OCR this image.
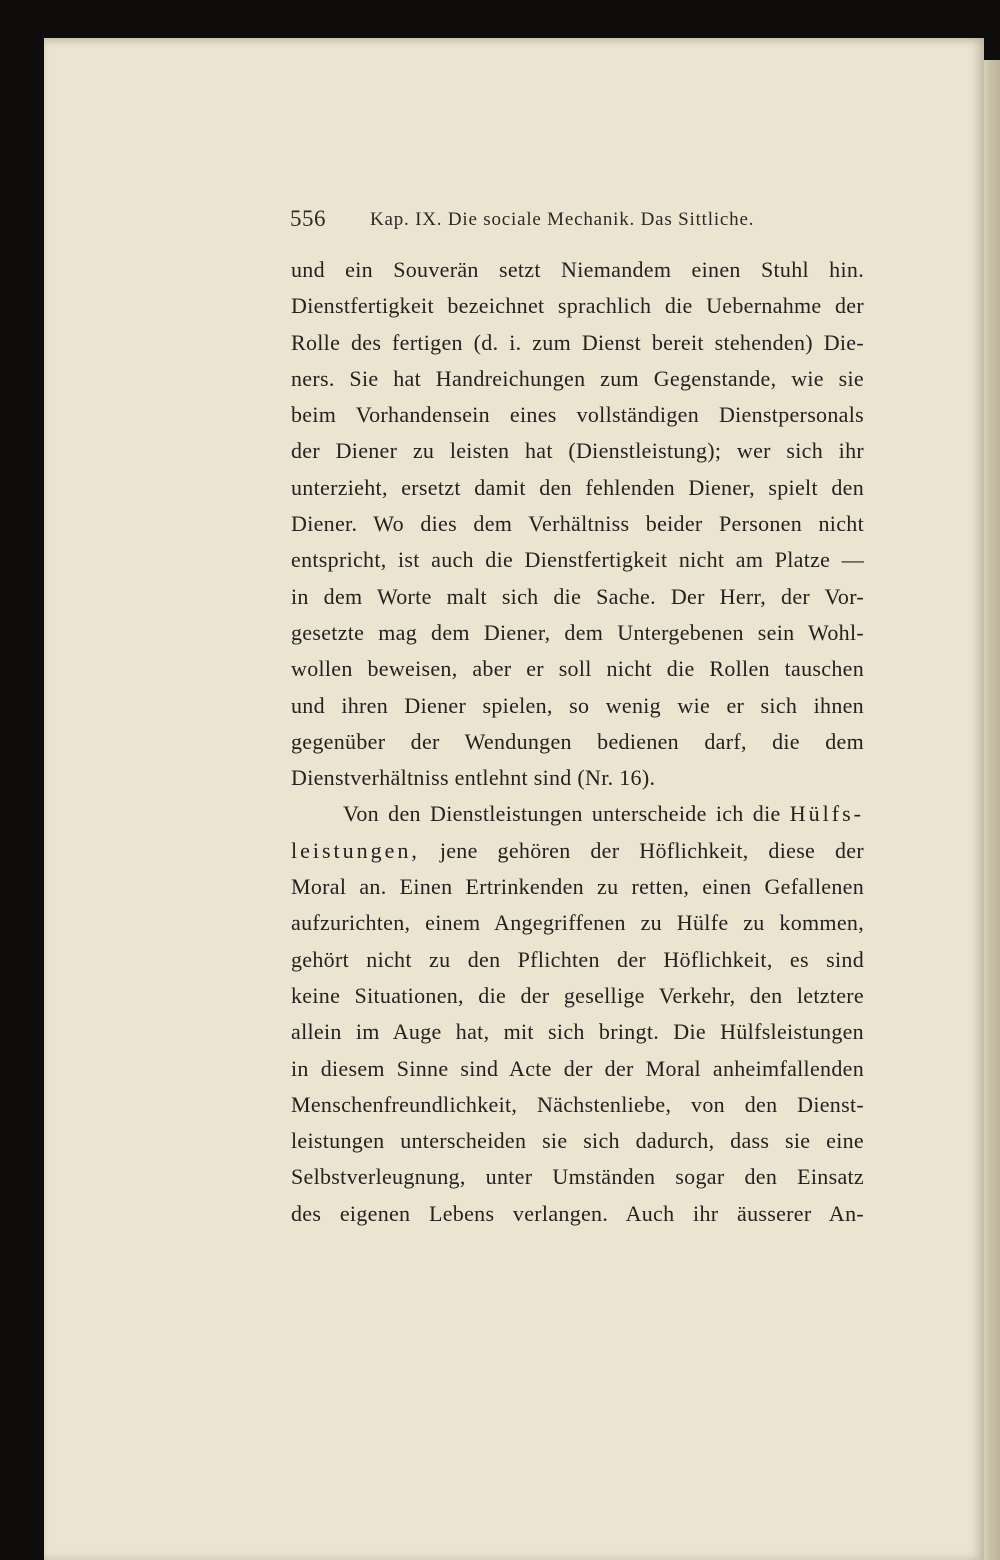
556 Kap. IX. Die sociale Mechanik. Das Sittliche.
und ein Souverän setzt Niemandem einen Stuhl hin.
Dienstfertigkeit bezeichnet sprachlich die Uebernahme der
Rolle des fertigen (d. i. zum Dienst bereit stehenden) Die-
ners. Sie hat Handreichungen zum Gegenstande, wie sie
beim Vorhandensein eines vollständigen Dienstpersonals
der Diener zu leisten hat (Dienstleistung); wer sich ihr
unterzieht, ersetzt damit den fehlenden Diener, spielt den
Diener. Wo dies dem Verhältniss beider Personen nicht
entspricht, ist auch die Dienstfertigkeit nicht am Platze —
in dem Worte malt sich die Sache. Der Herr, der Vor-
gesetzte mag dem Diener, dem Untergebenen sein Wohl-
wollen beweisen, aber er soll nicht die Rollen tauschen
und ihren Diener spielen, so wenig wie er sich ihnen
gegenüber der Wendungen bedienen darf, die dem
Dienstverhältniss entlehnt sind (Nr. 16).
Von den Dienstleistungen unterscheide ich die Hülfs-
leistungen, jene gehören der Höflichkeit, diese der
Moral an. Einen Ertrinkenden zu retten, einen Gefallenen
aufzurichten, einem Angegriffenen zu Hülfe zu kommen,
gehört nicht zu den Pflichten der Höflichkeit, es sind
keine Situationen, die der gesellige Verkehr, den letztere
allein im Auge hat, mit sich bringt. Die Hülfsleistungen
in diesem Sinne sind Acte der der Moral anheimfallenden
Menschenfreundlichkeit, Nächstenliebe, von den Dienst-
leistungen unterscheiden sie sich dadurch, dass sie eine
Selbstverleugnung, unter Umständen sogar den Einsatz
des eigenen Lebens verlangen. Auch ihr äusserer An-
